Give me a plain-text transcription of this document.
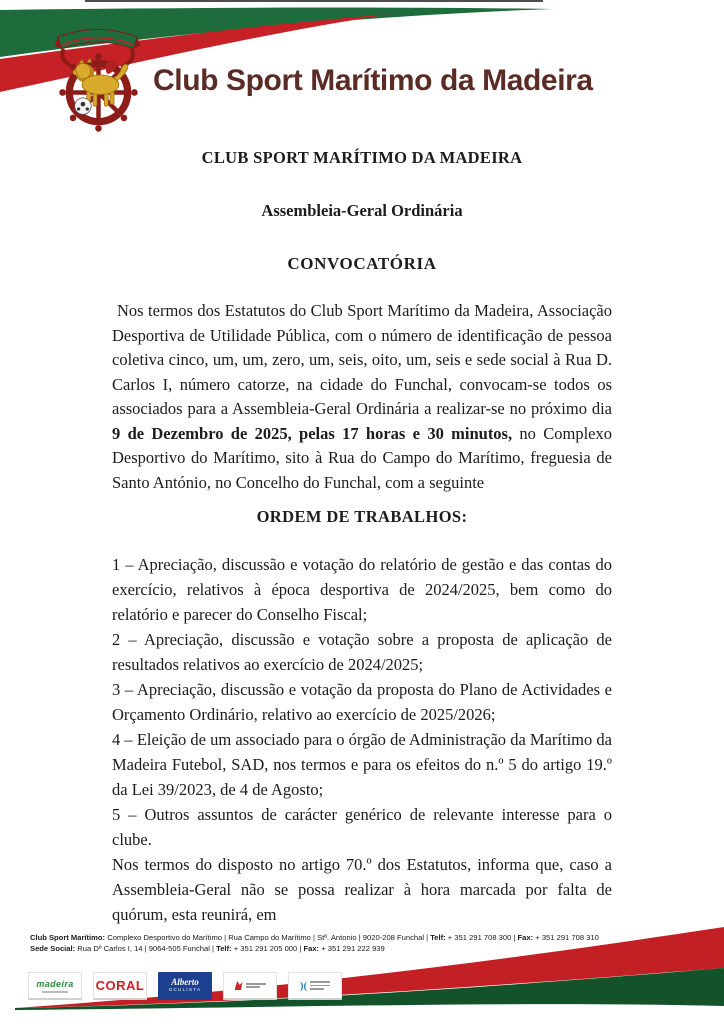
Club Sport Marítimo da Madeira
CLUB SPORT MARÍTIMO DA MADEIRA
Assembleia-Geral Ordinária
CONVOCATÓRIA
Nos termos dos Estatutos do Club Sport Marítimo da Madeira, Associação Desportiva de Utilidade Pública, com o número de identificação de pessoa coletiva cinco, um, um, zero, um, seis, oito, um, seis e sede social à Rua D. Carlos I, número catorze, na cidade do Funchal, convocam-se todos os associados para a Assembleia-Geral Ordinária a realizar-se no próximo dia 9 de Dezembro de 2025, pelas 17 horas e 30 minutos, no Complexo Desportivo do Marítimo, sito à Rua do Campo do Marítimo, freguesia de Santo António, no Concelho do Funchal, com a seguinte
ORDEM DE TRABALHOS:

1 – Apreciação, discussão e votação do relatório de gestão e das contas do exercício, relativos à época desportiva de 2024/2025, bem como do relatório e parecer do Conselho Fiscal;

2 – Apreciação, discussão e votação sobre a proposta de aplicação de resultados relativos ao exercício de 2024/2025;

3 – Apreciação, discussão e votação da proposta do Plano de Actividades e Orçamento Ordinário, relativo ao exercício de 2025/2026;

4 – Eleição de um associado para o órgão de Administração da Marítimo da Madeira Futebol, SAD, nos termos e para os efeitos do n.º 5 do artigo 19.º da Lei 39/2023, de 4 de Agosto;

5 – Outros assuntos de carácter genérico de relevante interesse para o clube.

Nos termos do disposto no artigo 70.º dos Estatutos, informa que, caso a Assembleia-Geral não se possa realizar à hora marcada por falta de quórum, esta reunirá, em
Club Sport Marítimo: Complexo Desportivo do Marítimo | Rua Campo do Marítimo | Stº. Antonio | 9020-208 Funchal | Telf: + 351 291 708 300 | Fax: + 351 291 708 310
Sede Social: Rua Dº Carlos I, 14 | 9064-505 Funchal | Telf: + 351 291 205 000 | Fax: + 351 291 222 939
madeira CORAL	Alberto
OCULISTA	)(
